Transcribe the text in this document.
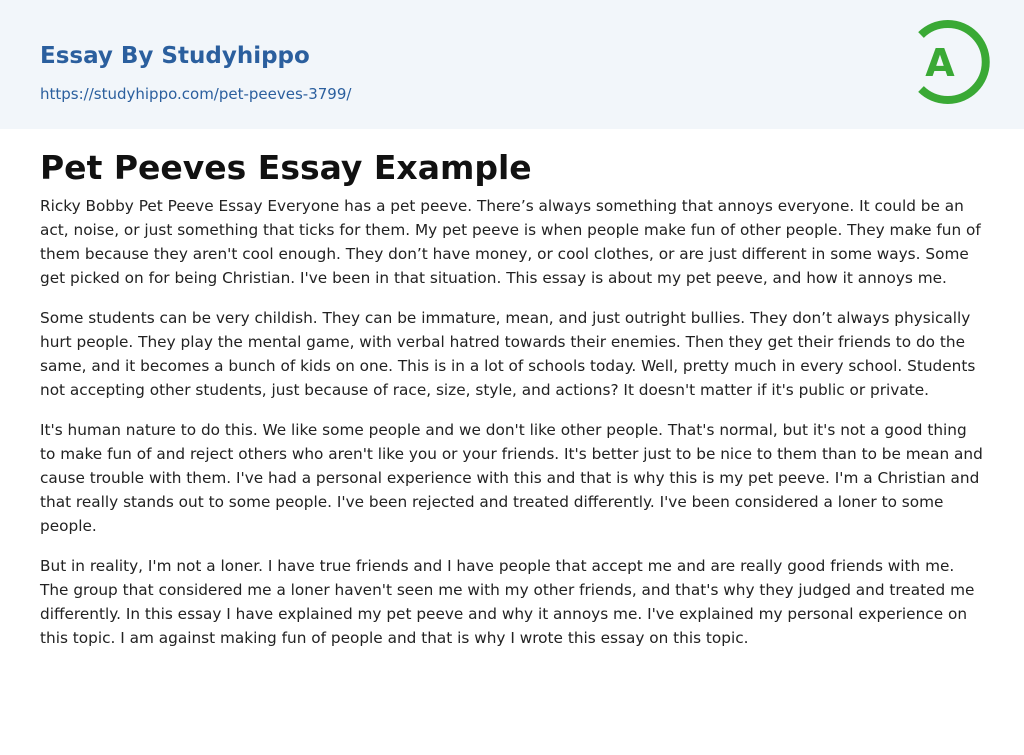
Essay By Studyhippo
https://studyhippo.com/pet-peeves-3799/
A
Pet Peeves Essay Example

Ricky Bobby Pet Peeve Essay Everyone has a pet peeve. There’s always something that annoys everyone. It could be an act, noise, or just something that ticks for them. My pet peeve is when people make fun of other people. They make fun of them because they aren't cool enough. They don’t have money, or cool clothes, or are just different in some ways. Some get picked on for being Christian. I've been in that situation. This essay is about my pet peeve, and how it annoys me.

Some students can be very childish. They can be immature, mean, and just outright bullies. They don’t always physically hurt people. They play the mental game, with verbal hatred towards their enemies. Then they get their friends to do the same, and it becomes a bunch of kids on one. This is in a lot of schools today. Well, pretty much in every school. Students not accepting other students, just because of race, size, style, and actions? It doesn't matter if it's public or private.

It's human nature to do this. We like some people and we don't like other people. That's normal, but it's not a good thing to make fun of and reject others who aren't like you or your friends. It's better just to be nice to them than to be mean and cause trouble with them. I've had a personal experience with this and that is why this is my pet peeve. I'm a Christian and that really stands out to some people. I've been rejected and treated differently. I've been considered a loner to some people.

But in reality, I'm not a loner. I have true friends and I have people that accept me and are really good friends with me. The group that considered me a loner haven't seen me with my other friends, and that's why they judged and treated me differently. In this essay I have explained my pet peeve and why it annoys me. I've explained my personal experience on this topic. I am against making fun of people and that is why I wrote this essay on this topic.
